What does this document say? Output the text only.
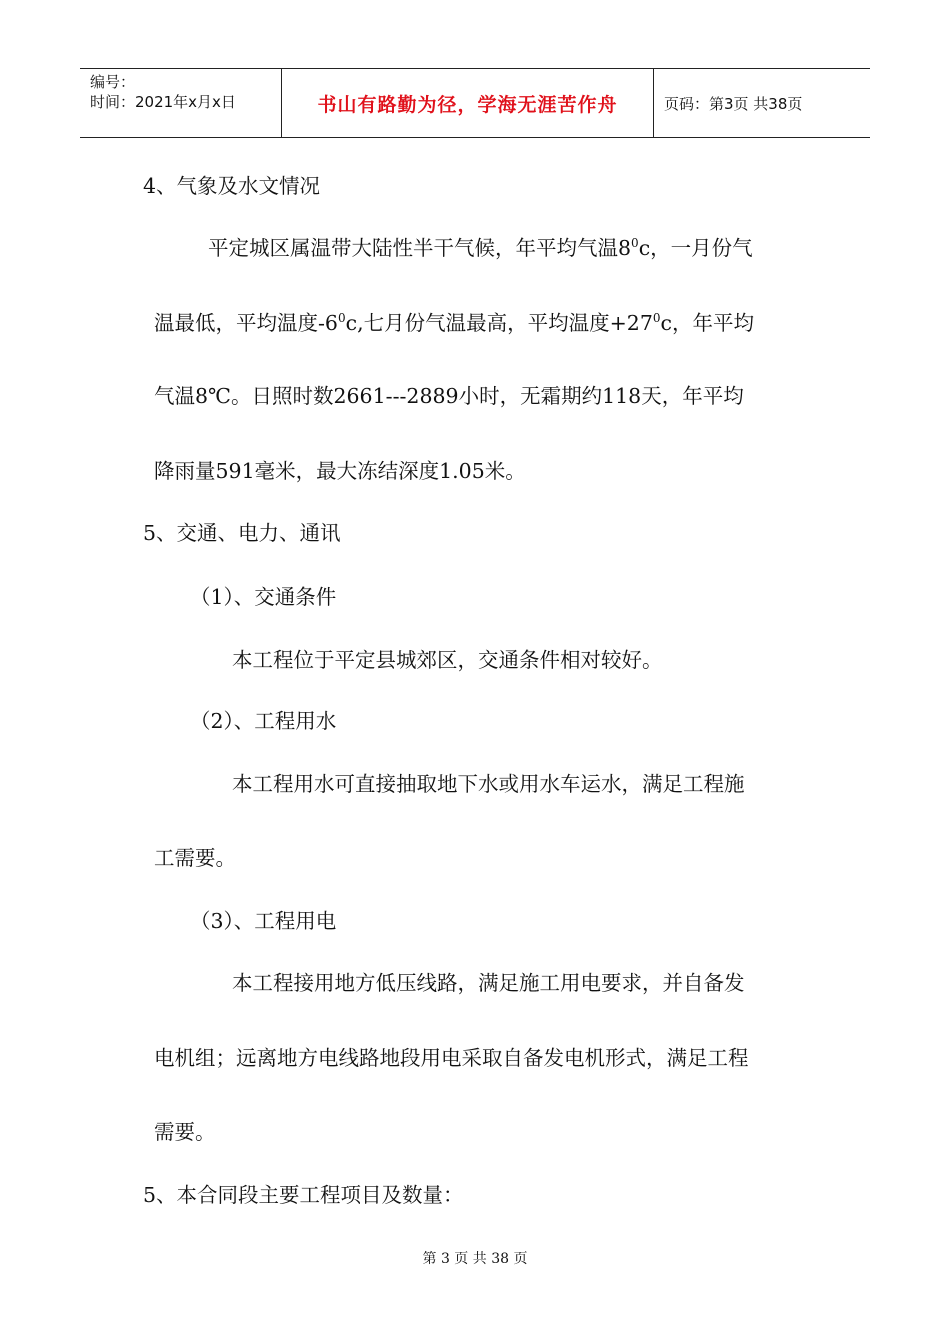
编号：
时间：2021年x月x日	书山有路勤为径，学海无涯苦作舟	页码：第3页 共38页
4、气象及水文情况
平定城区属温带大陆性半干气候，年平均气温$8^0c$，一月份气
温最低，平均温度$-6^0c$,七月份气温最高，平均温度$+27^0c$，年平均
气温8℃。日照时数2661---2889小时，无霜期约118天，年平均
降雨量591毫米，最大冻结深度1.05米。
5、交通、电力、通讯
（1）、交通条件
本工程位于平定县城郊区，交通条件相对较好。
（2）、工程用水
本工程用水可直接抽取地下水或用水车运水，满足工程施
工需要。
（3）、工程用电
本工程接用地方低压线路，满足施工用电要求，并自备发
电机组；远离地方电线路地段用电采取自备发电机形式，满足工程
需要。
5、本合同段主要工程项目及数量：
第 3 页 共 38 页
